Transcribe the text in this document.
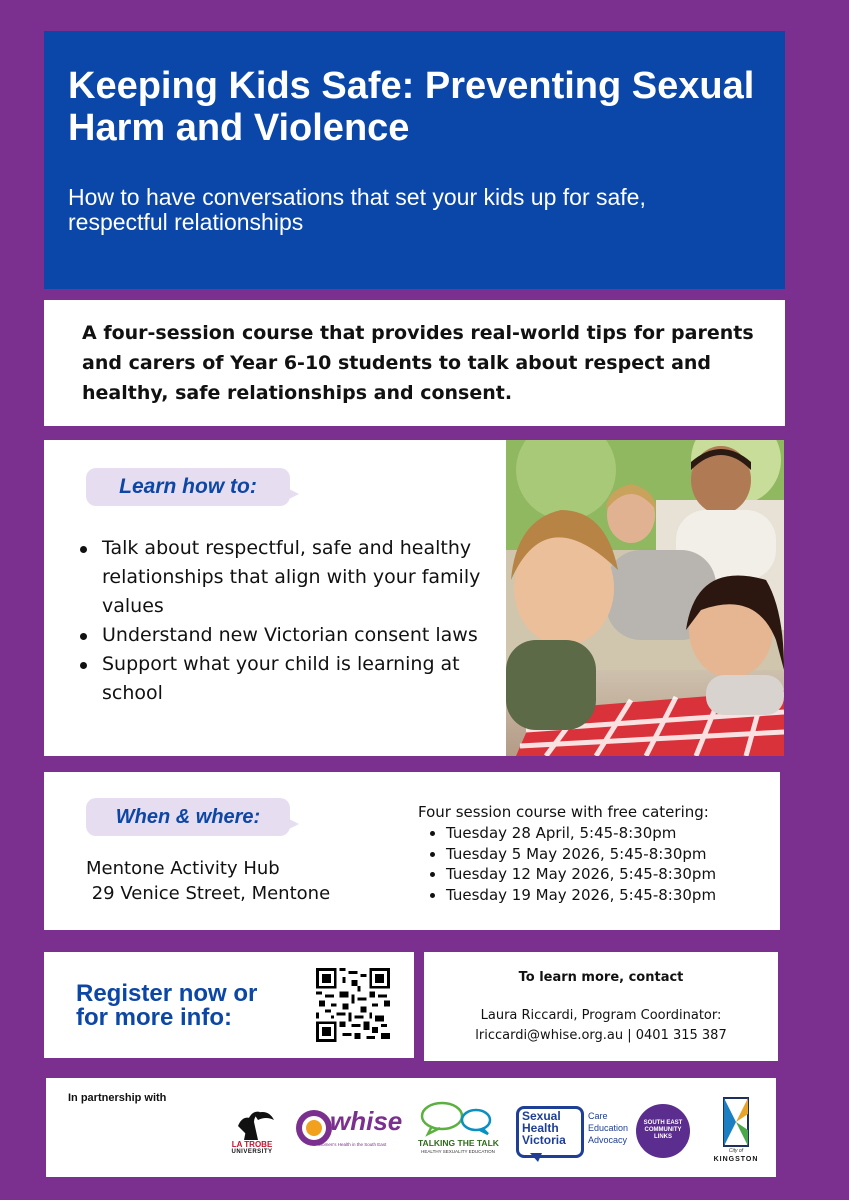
Keeping Kids Safe: Preventing Sexual Harm and Violence

How to have conversations that set your kids up for safe, respectful relationships

A four-session course that provides real-world tips for parents and carers of Year 6-10 students to talk about respect and healthy, safe relationships and consent.

Learn how to:
Talk about respectful, safe and healthy relationships that align with your family values
Understand new Victorian consent laws
Support what your child is learning at school
When & where:

Mentone Activity Hub
29 Venice Street, Mentone

Four session course with free catering:

Tuesday 28 April, 5:45-8:30pm
Tuesday 5 May 2026, 5:45-8:30pm
Tuesday 12 May 2026, 5:45-8:30pm
Tuesday 19 May 2026, 5:45-8:30pm

Register now or for more info:

To learn more, contact

Laura Riccardi, Program Coordinator:

lriccardi@whise.org.au | 0401 315 387

In partnership with

LA TROBE
UNIVERSITY
whise
Women's Health in the South East	TALKING THE TALK
HEALTHY SEXUALITY EDUCATION
Sexual
Health
Victoria
Care
Education
Advocacy
SOUTH EAST
COMMUNITY
LINKS
City of
KINGSTON
